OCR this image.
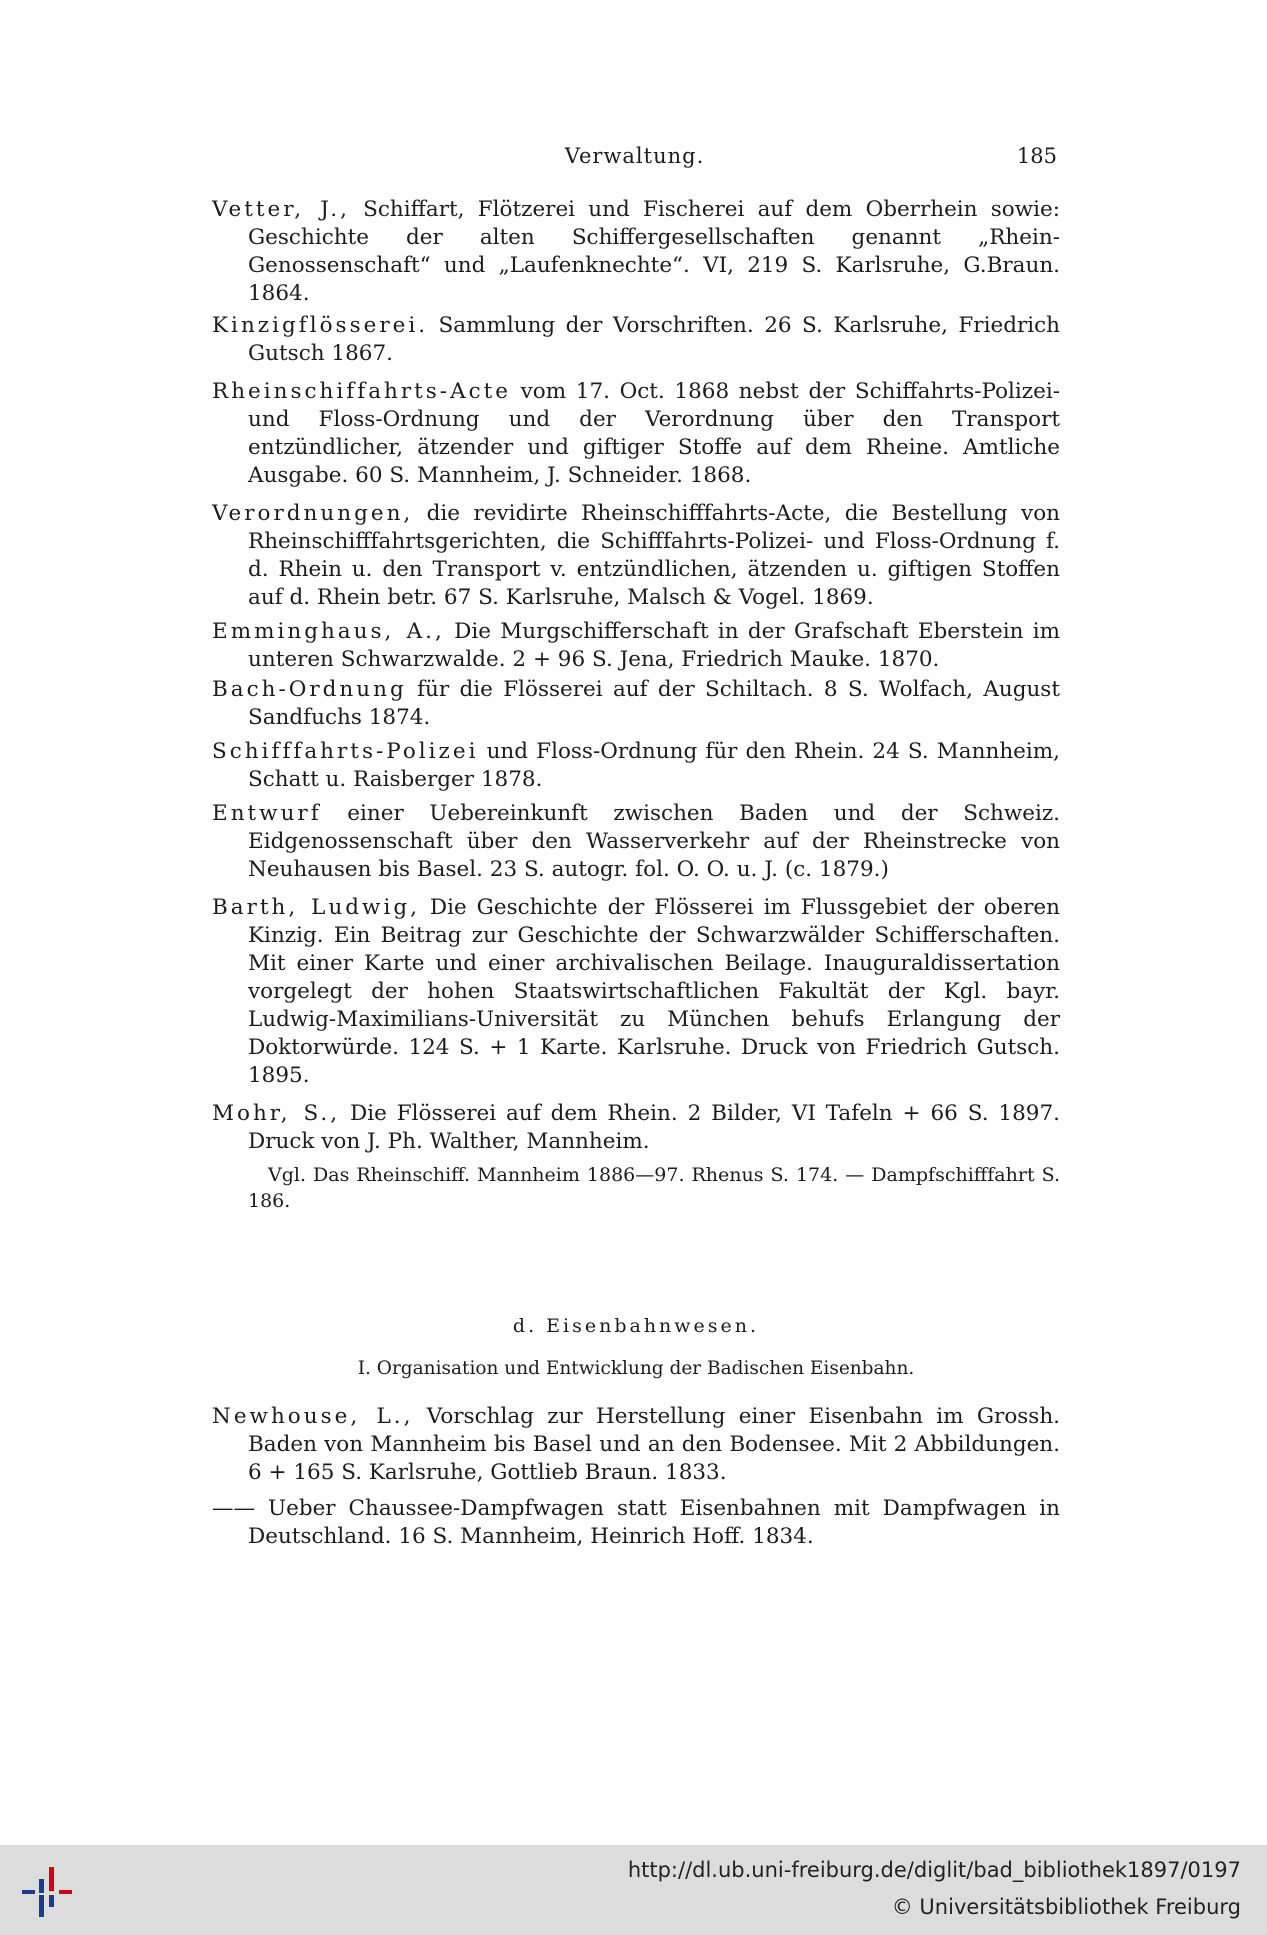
Verwaltung.	185

Vetter, J., Schiffart, Flötzerei und Fischerei auf dem Oberrhein sowie: Geschichte der alten Schiffergesellschaften genannt „Rhein-Genossenschaft“ und „Laufenknechte“. VI, 219 S. Karlsruhe, G.Braun. 1864.

Kinzigflösserei. Sammlung der Vorschriften. 26 S. Karlsruhe, Friedrich Gutsch 1867.

Rheinschiffahrts-Acte vom 17. Oct. 1868 nebst der Schiffahrts-Polizei- und Floss-Ordnung und der Verordnung über den Transport entzündlicher, ätzender und giftiger Stoffe auf dem Rheine. Amtliche Ausgabe. 60 S. Mannheim, J. Schneider. 1868.

Verordnungen, die revidirte Rheinschifffahrts-Acte, die Bestellung von Rheinschifffahrtsgerichten, die Schifffahrts-Polizei- und Floss-Ordnung f. d. Rhein u. den Transport v. entzündlichen, ätzenden u. giftigen Stoffen auf d. Rhein betr. 67 S. Karlsruhe, Malsch & Vogel. 1869.

Emminghaus, A., Die Murgschifferschaft in der Grafschaft Eberstein im unteren Schwarzwalde. 2 + 96 S. Jena, Friedrich Mauke. 1870.

Bach-Ordnung für die Flösserei auf der Schiltach. 8 S. Wolfach, August Sandfuchs 1874.

Schifffahrts-Polizei und Floss-Ordnung für den Rhein. 24 S. Mannheim, Schatt u. Raisberger 1878.

Entwurf einer Uebereinkunft zwischen Baden und der Schweiz. Eidgenossenschaft über den Wasserverkehr auf der Rheinstrecke von Neuhausen bis Basel. 23 S. autogr. fol. O. O. u. J. (c. 1879.)

Barth, Ludwig, Die Geschichte der Flösserei im Flussgebiet der oberen Kinzig. Ein Beitrag zur Geschichte der Schwarzwälder Schifferschaften. Mit einer Karte und einer archivalischen Beilage. Inauguraldissertation vorgelegt der hohen Staatswirtschaftlichen Fakultät der Kgl. bayr. Ludwig-Maximilians-Universität zu München behufs Erlangung der Doktorwürde. 124 S. + 1 Karte. Karlsruhe. Druck von Friedrich Gutsch. 1895.

Mohr, S., Die Flösserei auf dem Rhein. 2 Bilder, VI Tafeln + 66 S. 1897. Druck von J. Ph. Walther, Mannheim.

Vgl. Das Rheinschiff. Mannheim 1886—97. Rhenus S. 174. — Dampfschifffahrt S. 186.

d. Eisenbahnwesen.
I. Organisation und Entwicklung der Badischen Eisenbahn.

Newhouse, L., Vorschlag zur Herstellung einer Eisenbahn im Grossh. Baden von Mannheim bis Basel und an den Bodensee. Mit 2 Abbildungen. 6 + 165 S. Karlsruhe, Gottlieb Braun. 1833.

—— Ueber Chaussee-Dampfwagen statt Eisenbahnen mit Dampfwagen in Deutschland. 16 S. Mannheim, Heinrich Hoff. 1834.

http://dl.ub.uni-freiburg.de/diglit/bad_bibliothek1897/0197
© Universitätsbibliothek Freiburg
